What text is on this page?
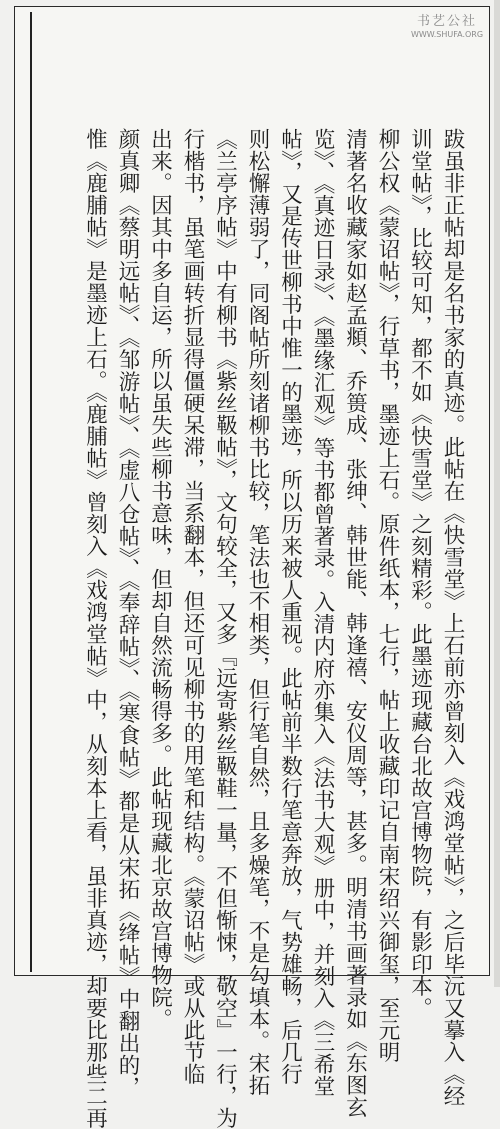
书艺公社
WWW.SHUFA.ORG
跋虽非正帖却是名书家的真迹。此帖在《快雪堂》上石前亦曾刻入《戏鸿堂帖》，之后毕沅又摹入《经
训堂帖》，比较可知，都不如《快雪堂》之刻精彩。此墨迹现藏台北故宫博物院，有影印本。
柳公权《蒙诏帖》，行草书，墨迹上石。原件纸本，七行，帖上收藏印记自南宋绍兴御玺，至元明
清著名收藏家如赵孟頫、乔篑成、张绅、韩世能、韩逢禧、安仪周等，甚多。明清书画著录如《东图玄
览》、《真迹日录》、《墨缘汇观》等书都曾著录。入清内府亦集入《法书大观》册中，并刻入《三希堂
帖》，又是传世柳书中惟一的墨迹，所以历来被人重视。此帖前半数行笔意奔放，气势雄畅，后几行
则松懈薄弱了，同阁帖所刻诸柳书比较，笔法也不相类，但行笔自然，且多燥笔，不是勾填本。宋拓
《兰亭序帖》中有柳书《紫丝靸帖》，文句较全，又多『远寄紫丝靸鞋一量，不但惭悚，敬空』一行，为
行楷书，虽笔画转折显得僵硬呆滞，当系翻本，但还可见柳书的用笔和结构。《蒙诏帖》或从此节临
出来。因其中多自运，所以虽失些柳书意味，但却自然流畅得多。此帖现藏北京故宫博物院。
颜真卿《蔡明远帖》、《邹游帖》、《虚八仓帖》、《奉辞帖》、《寒食帖》都是从宋拓《绛帖》中翻出的，
惟《鹿脯帖》是墨迹上石。《鹿脯帖》曾刻入《戏鸿堂帖》中，从刻本上看，虽非真迹，却要比那些二再
